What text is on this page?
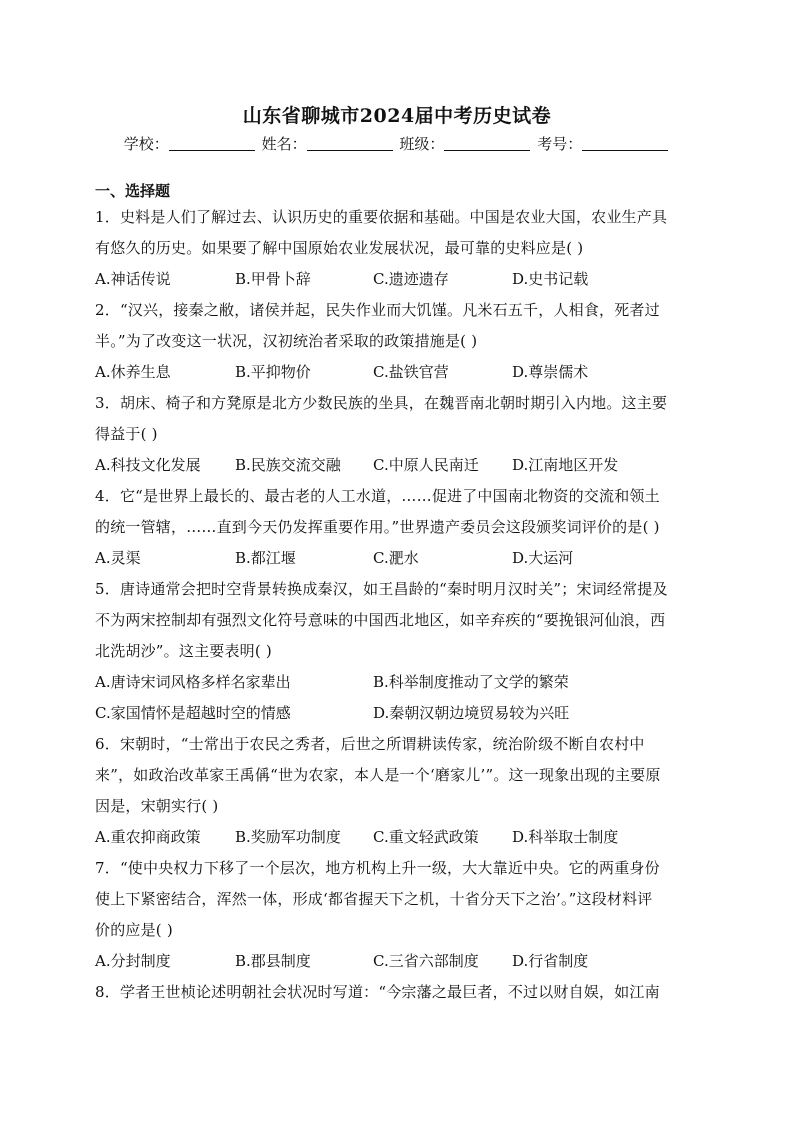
山东省聊城市2024届中考历史试卷
学校：	姓名：	班级：	考号：
一、选择题
1．史料是人们了解过去、认识历史的重要依据和基础。中国是农业大国，农业生产具
有悠久的历史。如果要了解中国原始农业发展状况，最可靠的史料应是( )
A.神话传说	B.甲骨卜辞	C.遗迹遗存	D.史书记载
2．“汉兴，接秦之敝，诸侯并起，民失作业而大饥馑。凡米石五千，人相食，死者过
半。”为了改变这一状况，汉初统治者采取的政策措施是( )
A.休养生息	B.平抑物价	C.盐铁官营	D.尊崇儒术
3．胡床、椅子和方凳原是北方少数民族的坐具，在魏晋南北朝时期引入内地。这主要
得益于( )
A.科技文化发展 B.民族交流交融 C.中原人民南迁 D.江南地区开发
4．它“是世界上最长的、最古老的人工水道，……促进了中国南北物资的交流和领土
的统一管辖，……直到今天仍发挥重要作用。”世界遗产委员会这段颁奖词评价的是( )
A.灵渠	B.都江堰	C.淝水	D.大运河
5．唐诗通常会把时空背景转换成秦汉，如王昌龄的“秦时明月汉时关”；宋词经常提及
不为两宋控制却有强烈文化符号意味的中国西北地区，如辛弃疾的“要挽银河仙浪，西
北洗胡沙”。这主要表明( )
A.唐诗宋词风格多样名家辈出	B.科举制度推动了文学的繁荣
C.家国情怀是超越时空的情感	D.秦朝汉朝边境贸易较为兴旺
6．宋朝时，“士常出于农民之秀者，后世之所谓耕读传家，统治阶级不断自农村中
来”，如政治改革家王禹偁“世为农家，本人是一个‘磨家儿’”。这一现象出现的主要原
因是，宋朝实行( )
A.重农抑商政策 B.奖励军功制度 C.重文轻武政策 D.科举取士制度
7．“使中央权力下移了一个层次，地方机构上升一级，大大靠近中央。它的两重身份
使上下紧密结合，浑然一体，形成‘都省握天下之机，十省分天下之治’。”这段材料评
价的应是( )
A.分封制度	B.郡县制度	C.三省六部制度 D.行省制度
8．学者王世桢论述明朝社会状况时写道：“今宗藩之最巨者，不过以财自娱，如江南
